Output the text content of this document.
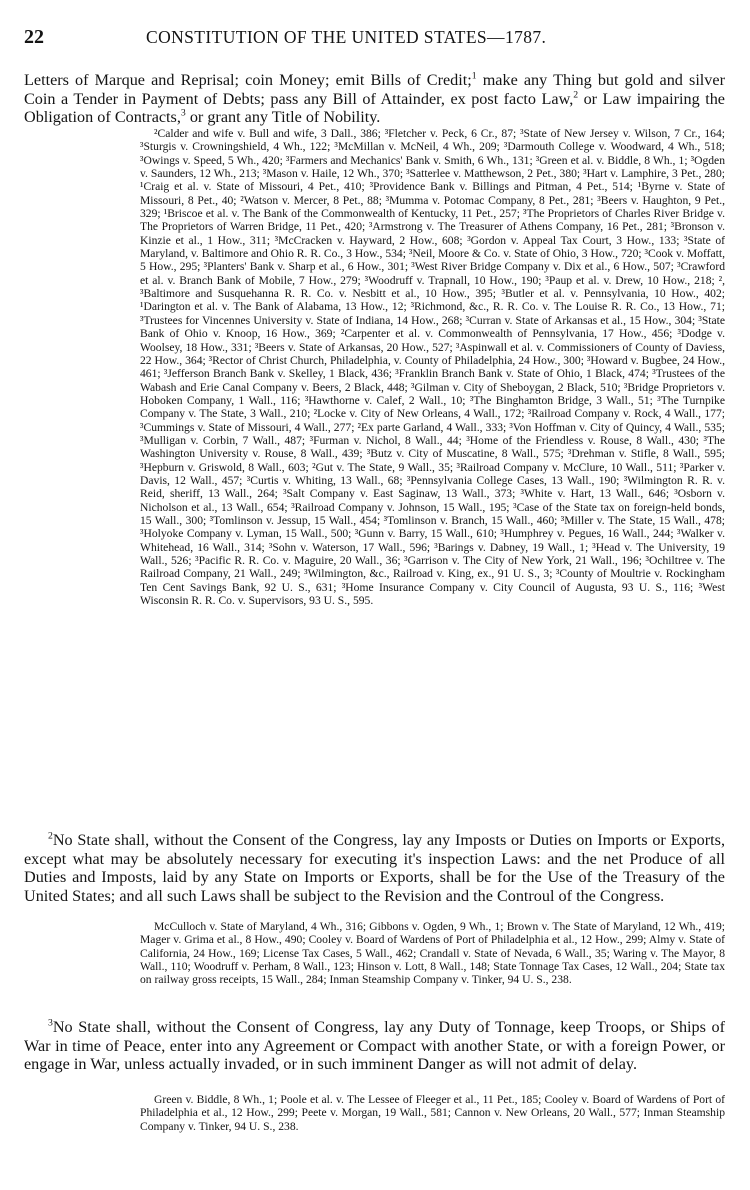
22	CONSTITUTION OF THE UNITED STATES—1787.

Letters of Marque and Reprisal; coin Money; emit Bills of Credit;$^1$ make any Thing but gold and silver Coin a Tender in Payment of Debts; pass any Bill of Attainder, ex post facto Law,$^2$ or Law impairing the Obligation of Contracts,$^3$ or grant any Title of Nobility.

²Calder and wife v. Bull and wife, 3 Dall., 386; ³Fletcher v. Peck, 6 Cr., 87; ³State of New Jersey v. Wilson, 7 Cr., 164; ³Sturgis v. Crowningshield, 4 Wh., 122; ³McMillan v. McNeil, 4 Wh., 209; ³Darmouth College v. Woodward, 4 Wh., 518; ³Owings v. Speed, 5 Wh., 420; ³Farmers and Mechanics' Bank v. Smith, 6 Wh., 131; ³Green et al. v. Biddle, 8 Wh., 1; ³Ogden v. Saunders, 12 Wh., 213; ³Mason v. Haile, 12 Wh., 370; ³Satterlee v. Matthewson, 2 Pet., 380; ³Hart v. Lamphire, 3 Pet., 280; ¹Craig et al. v. State of Missouri, 4 Pet., 410; ³Providence Bank v. Billings and Pitman, 4 Pet., 514; ¹Byrne v. State of Missouri, 8 Pet., 40; ²Watson v. Mercer, 8 Pet., 88; ³Mumma v. Potomac Company, 8 Pet., 281; ³Beers v. Haughton, 9 Pet., 329; ¹Briscoe et al. v. The Bank of the Commonwealth of Kentucky, 11 Pet., 257; ³The Proprietors of Charles River Bridge v. The Proprietors of Warren Bridge, 11 Pet., 420; ³Armstrong v. The Treasurer of Athens Company, 16 Pet., 281; ³Bronson v. Kinzie et al., 1 How., 311; ³McCracken v. Hayward, 2 How., 608; ³Gordon v. Appeal Tax Court, 3 How., 133; ³State of Maryland, v. Baltimore and Ohio R. R. Co., 3 How., 534; ³Neil, Moore & Co. v. State of Ohio, 3 How., 720; ³Cook v. Moffatt, 5 How., 295; ³Planters' Bank v. Sharp et al., 6 How., 301; ³West River Bridge Company v. Dix et al., 6 How., 507; ³Crawford et al. v. Branch Bank of Mobile, 7 How., 279; ³Woodruff v. Trapnall, 10 How., 190; ³Paup et al. v. Drew, 10 How., 218; ², ³Baltimore and Susquehanna R. R. Co. v. Nesbitt et al., 10 How., 395; ³Butler et al. v. Pennsylvania, 10 How., 402; ¹Darington et al. v. The Bank of Alabama, 13 How., 12; ³Richmond, &c., R. R. Co. v. The Louise R. R. Co., 13 How., 71; ³Trustees for Vincennes University v. State of Indiana, 14 How., 268; ³Curran v. State of Arkansas et al., 15 How., 304; ³State Bank of Ohio v. Knoop, 16 How., 369; ²Carpenter et al. v. Commonwealth of Pennsylvania, 17 How., 456; ³Dodge v. Woolsey, 18 How., 331; ³Beers v. State of Arkansas, 20 How., 527; ³Aspinwall et al. v. Commissioners of County of Daviess, 22 How., 364; ³Rector of Christ Church, Philadelphia, v. County of Philadelphia, 24 How., 300; ³Howard v. Bugbee, 24 How., 461; ³Jefferson Branch Bank v. Skelley, 1 Black, 436; ³Franklin Branch Bank v. State of Ohio, 1 Black, 474; ³Trustees of the Wabash and Erie Canal Company v. Beers, 2 Black, 448; ³Gilman v. City of Sheboygan, 2 Black, 510; ³Bridge Proprietors v. Hoboken Company, 1 Wall., 116; ³Hawthorne v. Calef, 2 Wall., 10; ³The Binghamton Bridge, 3 Wall., 51; ³The Turnpike Company v. The State, 3 Wall., 210; ²Locke v. City of New Orleans, 4 Wall., 172; ³Railroad Company v. Rock, 4 Wall., 177; ³Cummings v. State of Missouri, 4 Wall., 277; ²Ex parte Garland, 4 Wall., 333; ³Von Hoffman v. City of Quincy, 4 Wall., 535; ³Mulligan v. Corbin, 7 Wall., 487; ³Furman v. Nichol, 8 Wall., 44; ³Home of the Friendless v. Rouse, 8 Wall., 430; ³The Washington University v. Rouse, 8 Wall., 439; ³Butz v. City of Muscatine, 8 Wall., 575; ³Drehman v. Stifle, 8 Wall., 595; ³Hepburn v. Griswold, 8 Wall., 603; ²Gut v. The State, 9 Wall., 35; ³Railroad Company v. McClure, 10 Wall., 511; ³Parker v. Davis, 12 Wall., 457; ³Curtis v. Whiting, 13 Wall., 68; ³Pennsylvania College Cases, 13 Wall., 190; ³Wilmington R. R. v. Reid, sheriff, 13 Wall., 264; ³Salt Company v. East Saginaw, 13 Wall., 373; ³White v. Hart, 13 Wall., 646; ³Osborn v. Nicholson et al., 13 Wall., 654; ³Railroad Company v. Johnson, 15 Wall., 195; ³Case of the State tax on foreign-held bonds, 15 Wall., 300; ³Tomlinson v. Jessup, 15 Wall., 454; ³Tomlinson v. Branch, 15 Wall., 460; ³Miller v. The State, 15 Wall., 478; ³Holyoke Company v. Lyman, 15 Wall., 500; ³Gunn v. Barry, 15 Wall., 610; ³Humphrey v. Pegues, 16 Wall., 244; ³Walker v. Whitehead, 16 Wall., 314; ³Sohn v. Waterson, 17 Wall., 596; ³Barings v. Dabney, 19 Wall., 1; ³Head v. The University, 19 Wall., 526; ³Pacific R. R. Co. v. Maguire, 20 Wall., 36; ³Garrison v. The City of New York, 21 Wall., 196; ³Ochiltree v. The Railroad Company, 21 Wall., 249; ³Wilmington, &c., Railroad v. King, ex., 91 U. S., 3; ³County of Moultrie v. Rockingham Ten Cent Savings Bank, 92 U. S., 631; ³Home Insurance Company v. City Council of Augusta, 93 U. S., 116; ³West Wisconsin R. R. Co. v. Supervisors, 93 U. S., 595.

$^2$No State shall, without the Consent of the Congress, lay any Imposts or Duties on Imports or Exports, except what may be absolutely necessary for executing it's inspection Laws: and the net Produce of all Duties and Imposts, laid by any State on Imports or Exports, shall be for the Use of the Treasury of the United States; and all such Laws shall be subject to the Revision and the Controul of the Congress.

McCulloch v. State of Maryland, 4 Wh., 316; Gibbons v. Ogden, 9 Wh., 1; Brown v. The State of Maryland, 12 Wh., 419; Mager v. Grima et al., 8 How., 490; Cooley v. Board of Wardens of Port of Philadelphia et al., 12 How., 299; Almy v. State of California, 24 How., 169; License Tax Cases, 5 Wall., 462; Crandall v. State of Nevada, 6 Wall., 35; Waring v. The Mayor, 8 Wall., 110; Woodruff v. Perham, 8 Wall., 123; Hinson v. Lott, 8 Wall., 148; State Tonnage Tax Cases, 12 Wall., 204; State tax on railway gross receipts, 15 Wall., 284; Inman Steamship Company v. Tinker, 94 U. S., 238.

$^3$No State shall, without the Consent of Congress, lay any Duty of Tonnage, keep Troops, or Ships of War in time of Peace, enter into any Agreement or Compact with another State, or with a foreign Power, or engage in War, unless actually invaded, or in such imminent Danger as will not admit of delay.

Green v. Biddle, 8 Wh., 1; Poole et al. v. The Lessee of Fleeger et al., 11 Pet., 185; Cooley v. Board of Wardens of Port of Philadelphia et al., 12 How., 299; Peete v. Morgan, 19 Wall., 581; Cannon v. New Orleans, 20 Wall., 577; Inman Steamship Company v. Tinker, 94 U. S., 238.
